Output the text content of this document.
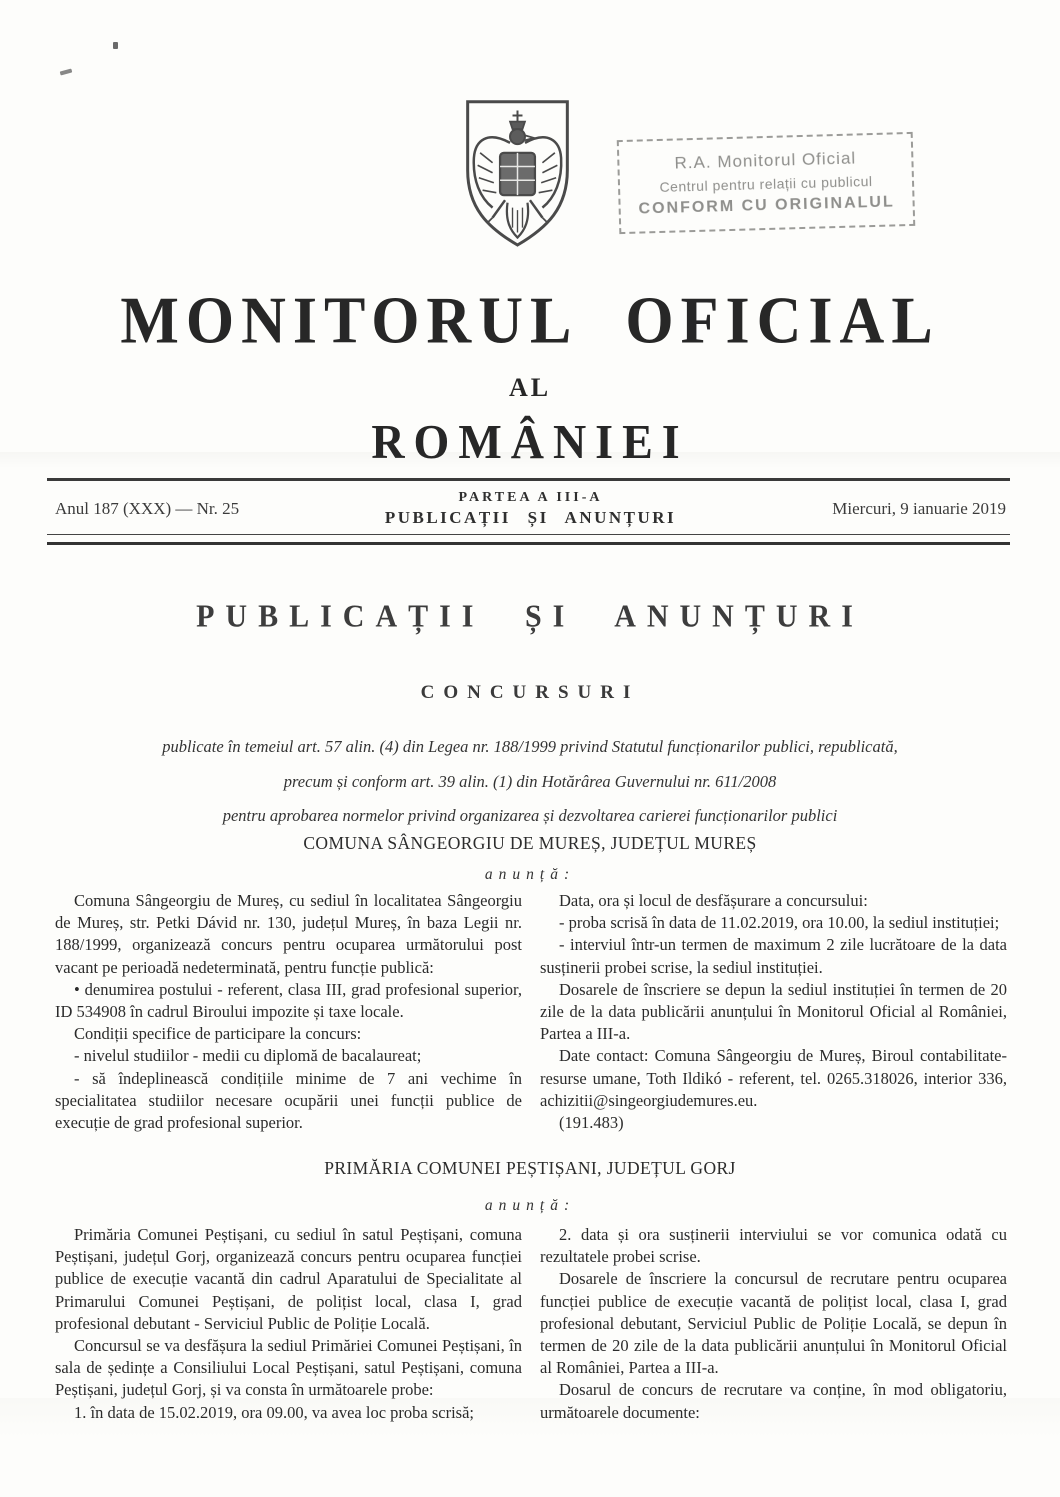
R.A. Monitorul Oficial
Centrul pentru relații cu publicul
CONFORM CU ORIGINALUL
MONITORUL OFICIAL
AL
ROMÂNIEI
Anul 187 (XXX) — Nr. 25
PARTEA A III-A
PUBLICAȚII ȘI ANUNȚURI	Miercuri, 9 ianuarie 2019
PUBLICAȚII ȘI ANUNȚURI
CONCURSURI
publicate în temeiul art. 57 alin. (4) din Legea nr. 188/1999 privind Statutul funcționarilor publici, republicată,
precum și conform art. 39 alin. (1) din Hotărârea Guvernului nr. 611/2008
pentru aprobarea normelor privind organizarea și dezvoltarea carierei funcționarilor publici
COMUNA SÂNGEORGIU DE MUREȘ, JUDEȚUL MUREȘ
anunță:

Comuna Sângeorgiu de Mureș, cu sediul în localitatea Sângeorgiu de Mureș, str. Petki Dávid nr. 130, județul Mureș, în baza Legii nr. 188/1999, organizează concurs pentru ocuparea următorului post vacant pe perioadă nedeterminată, pentru funcție publică:

• denumirea postului - referent, clasa III, grad profesional superior, ID 534908 în cadrul Biroului impozite și taxe locale.

Condiții specifice de participare la concurs:

- nivelul studiilor - medii cu diplomă de bacalaureat;

- să îndeplinească condițiile minime de 7 ani vechime în specialitatea studiilor necesare ocupării unei funcții publice de execuție de grad profesional superior.

Data, ora și locul de desfășurare a concursului:

- proba scrisă în data de 11.02.2019, ora 10.00, la sediul instituției;

- interviul într-un termen de maximum 2 zile lucrătoare de la data susținerii probei scrise, la sediul instituției.

Dosarele de înscriere se depun la sediul instituției în termen de 20 zile de la data publicării anunțului în Monitorul Oficial al României, Partea a III-a.

Date contact: Comuna Sângeorgiu de Mureș, Biroul contabilitate-resurse umane, Toth Ildikó - referent, tel. 0265.318026, interior 336, achizitii@singeorgiudemures.eu.

(191.483)

PRIMĂRIA COMUNEI PEȘTIȘANI, JUDEȚUL GORJ
anunță:

Primăria Comunei Peștișani, cu sediul în satul Peștișani, comuna Peștișani, județul Gorj, organizează concurs pentru ocuparea funcției publice de execuție vacantă din cadrul Aparatului de Specialitate al Primarului Comunei Peștișani, de polițist local, clasa I, grad profesional debutant - Serviciul Public de Poliție Locală.

Concursul se va desfășura la sediul Primăriei Comunei Peștișani, în sala de ședințe a Consiliului Local Peștișani, satul Peștișani, comuna Peștișani, județul Gorj, și va consta în următoarele probe:

1. în data de 15.02.2019, ora 09.00, va avea loc proba scrisă;

2. data și ora susținerii interviului se vor comunica odată cu rezultatele probei scrise.

Dosarele de înscriere la concursul de recrutare pentru ocuparea funcției publice de execuție vacantă de polițist local, clasa I, grad profesional debutant, Serviciul Public de Poliție Locală, se depun în termen de 20 zile de la data publicării anunțului în Monitorul Oficial al României, Partea a III-a.

Dosarul de concurs de recrutare va conține, în mod obligatoriu, următoarele documente:
